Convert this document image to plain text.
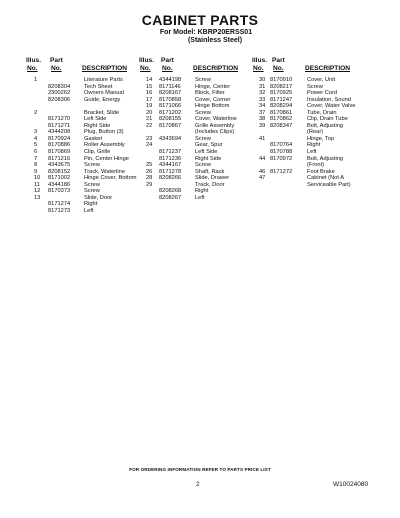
CABINET PARTS
For Model: KBRP20ERSS01
(Stainless Steel)
Illus.
No.
Part
No.	DESCRIPTION
1	Literature Parts
8208304 Tech Sheet
2300262 Owners Manual
8208306 Guide, Energy
2	Bracket, Slide
8171270 Left Side
8171271 Right Side
3 4344208 Plug, Button (3)
4 8170924 Gasket
5 8170886 Roller Assembly
6 8170869 Clip, Grille
7 8171216 Pin, Center Hinge
8 4343675 Screw
9 8208152 Track, Waterline
10 8171002 Hinge Cover, Bottom
11 4344186 Screw
12 8170373 Screw
13	Slide, Door
8171274 Right
8171273 Left
Illus.
No.
Part
No.	DESCRIPTION
14 4344198 Screw
15 8171146	Hinge, Center
16 8208167 Block, Filter
17 8170858 Cover, Corner
19 8171066 Hinge Bottom
20 8171202 Screw
21 8208155 Cover, Waterline
22 8170867 Grille Assembly
(Includes Clips)
23 4343694 Screw
24	Gear, Spur
8171237 Left Side
8171236 Right Side
25 4344167 Screw
26 8171278 Shaft, Rack
28 8208266 Slide, Drawer
29	Track, Door
8208268 Right
8208267 Left
Illus.
No.
Part
No.	DESCRIPTION
30 8170910	Cover, Unit
31 8208217	Screw
32 8170925	Power Cord
33 8171247	Insulation, Sound
34 8208294	Cover, Water Valve
37 8170861	Tube, Drain
38 8170862	Clip, Drain Tube
39 8208347	Bolt, Adjusting
(Rear)
41	Hinge, Top
8170764	Right
8170788	Left
44 8170972	Bolt, Adjusting
(Front)
46 8171272	Foot Brake
47	Cabinet (Not A
Serviceable Part)
FOR ORDERING INFORMATION REFER TO PARTS PRICE LIST
2	W10024080
